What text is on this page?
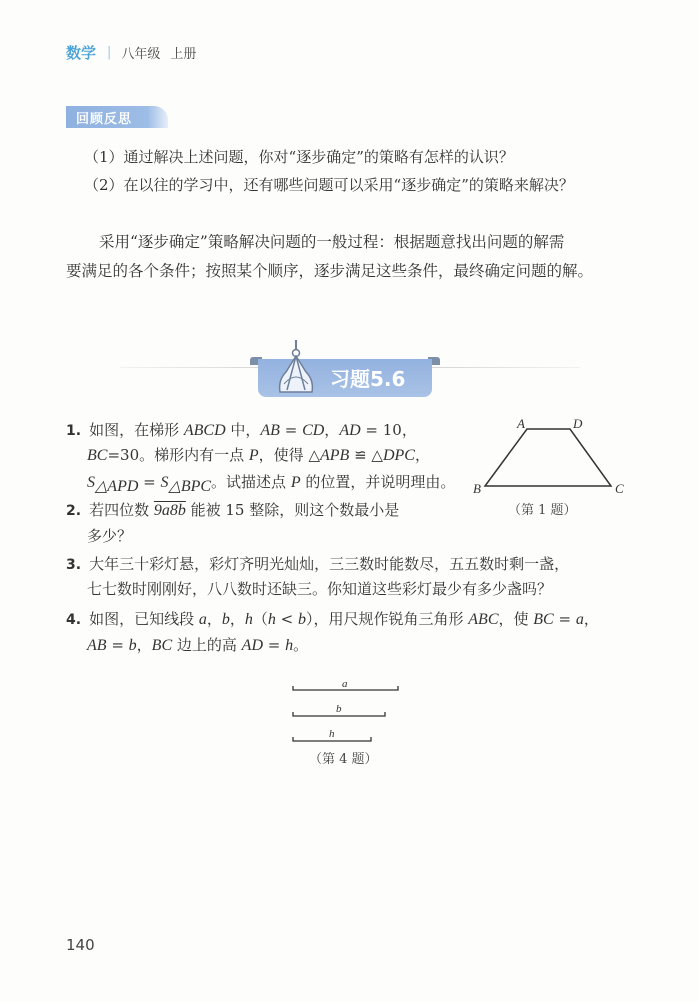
数学 | 八年级 上册
回顾反思
（1）通过解决上述问题，你对“逐步确定”的策略有怎样的认识？
（2）在以往的学习中，还有哪些问题可以采用“逐步确定”的策略来解决？
采用“逐步确定”策略解决问题的一般过程：根据题意找出问题的解需
要满足的各个条件；按照某个顺序，逐步满足这些条件，最终确定问题的解。
习题5.6
1. 如图，在梯形 ABCD 中，AB = CD，AD = 10，
BC=30。梯形内有一点 P，使得 △APB ≌ △DPC，
$S_{\triangle APD} = S_{\triangle BPC}$。试描述点 P 的位置，并说明理由。
A	D
B	C
（第 1 题）
2. 若四位数 9a8b 能被 15 整除，则这个数最小是
多少？
3. 大年三十彩灯悬，彩灯齐明光灿灿，三三数时能数尽，五五数时剩一盏，
七七数时刚刚好，八八数时还缺三。你知道这些彩灯最少有多少盏吗？
4. 如图，已知线段 a，b，h（h < b），用尺规作锐角三角形 ABC，使 BC = a，
AB = b，BC 边上的高 AD = h。
a
b
h
（第 4 题）
140
